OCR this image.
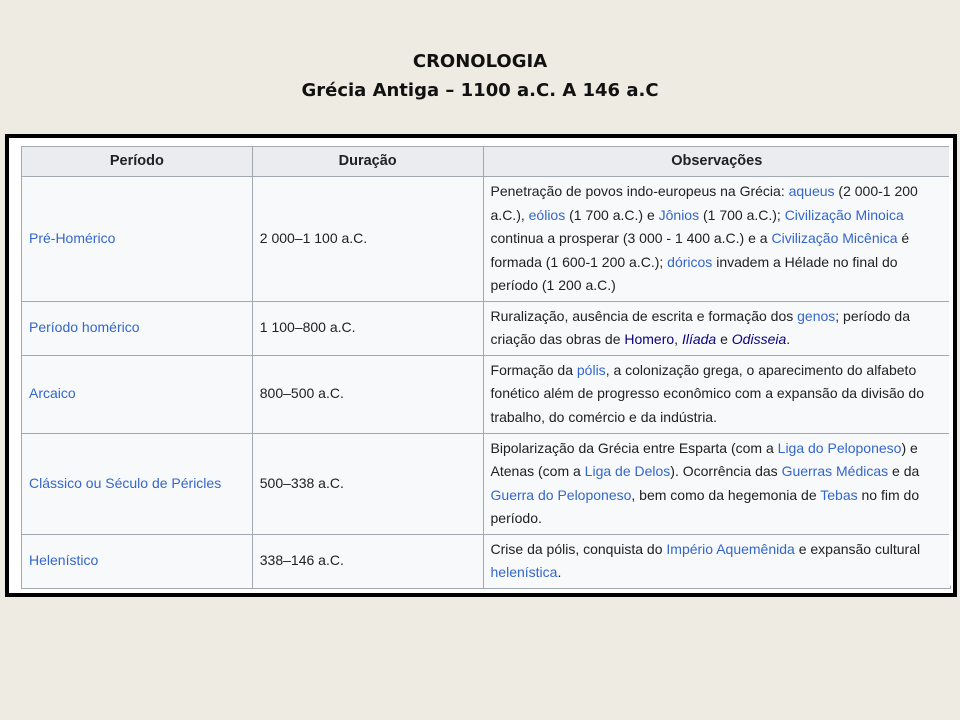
CRONOLOGIA
Grécia Antiga – 1100 a.C. A 146 a.C
Período	Duração	Observações
Pré-Homérico	2 000–1 100 a.C.	Penetração de povos indo-europeus na Grécia: aqueus (2 000-1 200 a.C.), eólios (1 700 a.C.) e Jônios (1 700 a.C.); Civilização Minoica continua a prosperar (3 000 - 1 400 a.C.) e a Civilização Micênica é formada (1 600-1 200 a.C.); dóricos invadem a Hélade no final do período (1 200 a.C.)
Período homérico	1 100–800 a.C.	Ruralização, ausência de escrita e formação dos genos; período da criação das obras de Homero, Ilíada e Odisseia.
Arcaico	800–500 a.C.	Formação da pólis, a colonização grega, o aparecimento do alfabeto fonético além de progresso econômico com a expansão da divisão do trabalho, do comércio e da indústria.
Clássico ou Século de Péricles	500–338 a.C.	Bipolarização da Grécia entre Esparta (com a Liga do Peloponeso) e Atenas (com a Liga de Delos). Ocorrência das Guerras Médicas e da Guerra do Peloponeso, bem como da hegemonia de Tebas no fim do período.
Helenístico	338–146 a.C.	Crise da pólis, conquista do Império Aquemênida e expansão cultural helenística.
